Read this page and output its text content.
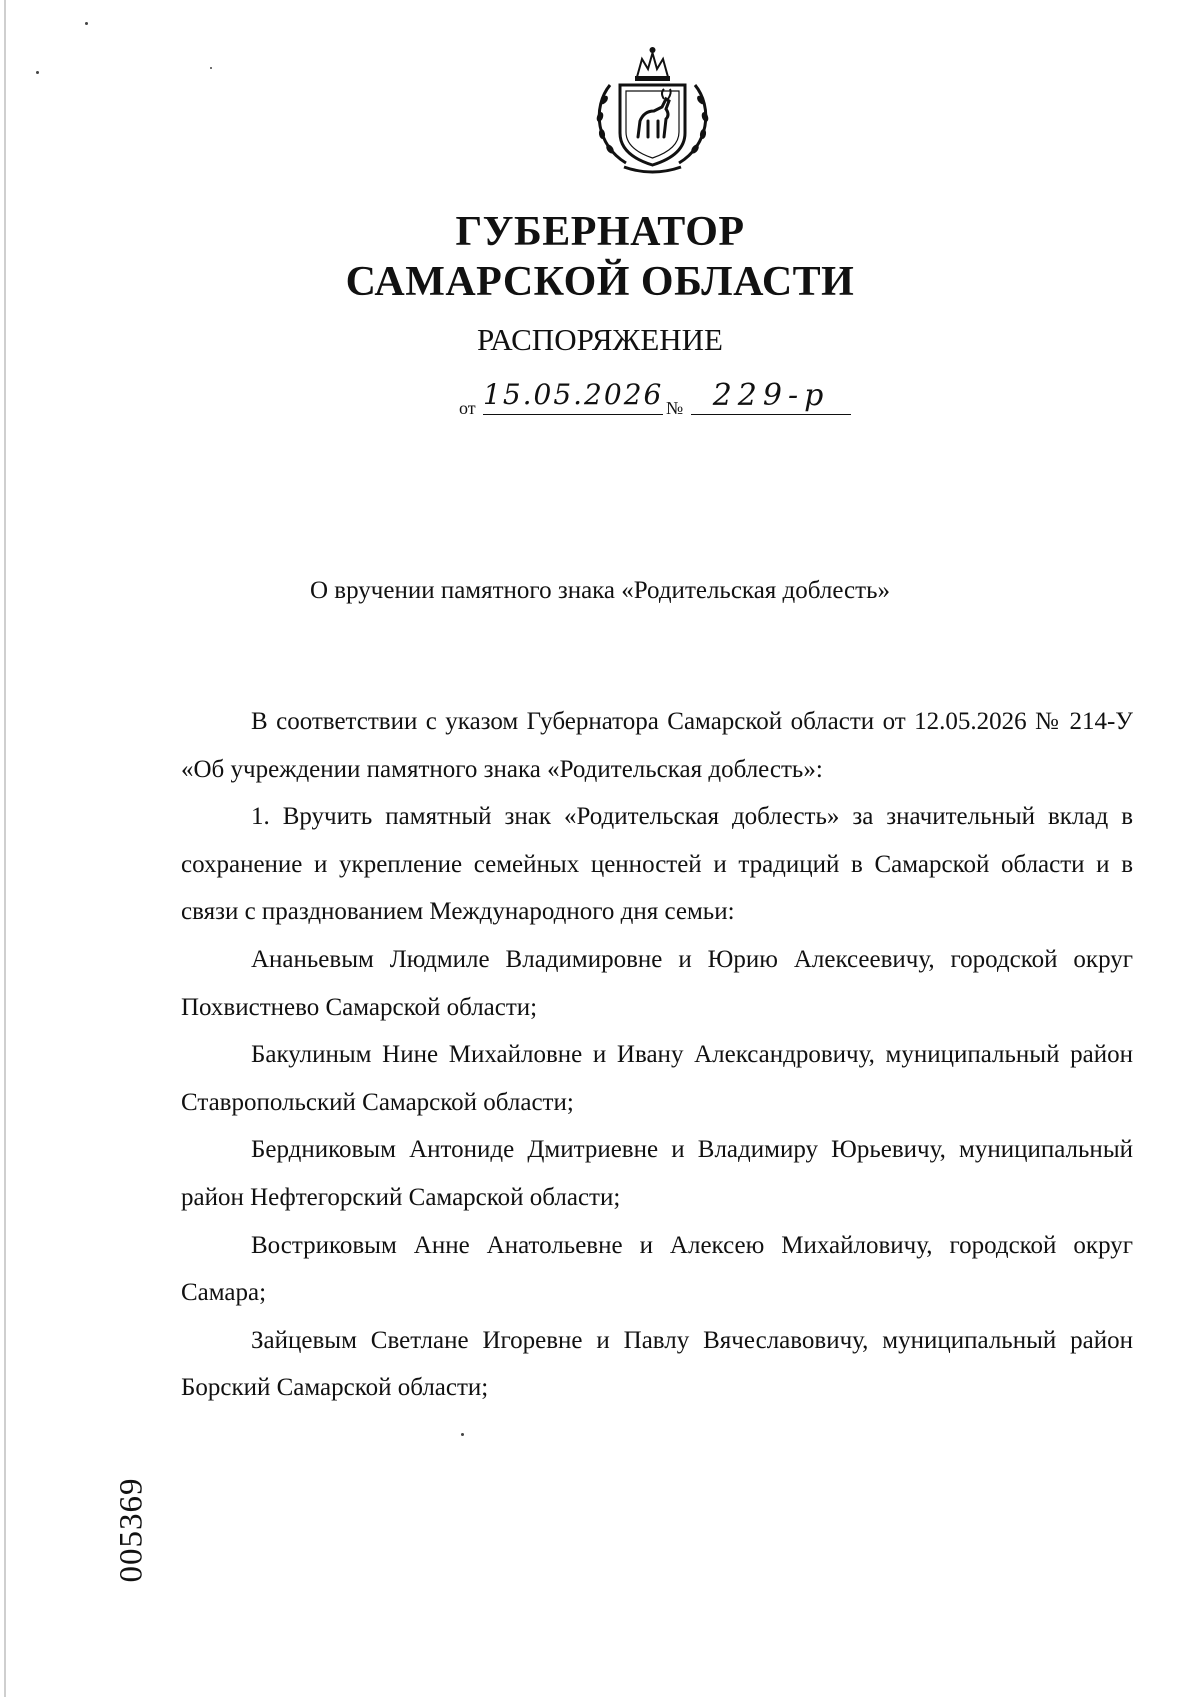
ГУБЕРНАТОР
САМАРСКОЙ ОБЛАСТИ
РАСПОРЯЖЕНИЕ
от 15.05.2026 № 229-р
О вручении памятного знака «Родительская доблесть»

В соответствии с указом Губернатора Самарской области от 12.05.2026 № 214-У «Об учреждении памятного знака «Родительская доблесть»:

1. Вручить памятный знак «Родительская доблесть» за значительный вклад в сохранение и укрепление семейных ценностей и традиций в Самарской области и в связи с празднованием Международного дня семьи:

Ананьевым Людмиле Владимировне и Юрию Алексеевичу, городской округ Похвистнево Самарской области;

Бакулиным Нине Михайловне и Ивану Александровичу, муниципальный район Ставропольский Самарской области;

Бердниковым Антониде Дмитриевне и Владимиру Юрьевичу, муниципальный район Нефтегорский Самарской области;

Востриковым Анне Анатольевне и Алексею Михайловичу, городской округ Самара;

Зайцевым Светлане Игоревне и Павлу Вячеславовичу, муниципальный район Борский Самарской области;

005369
